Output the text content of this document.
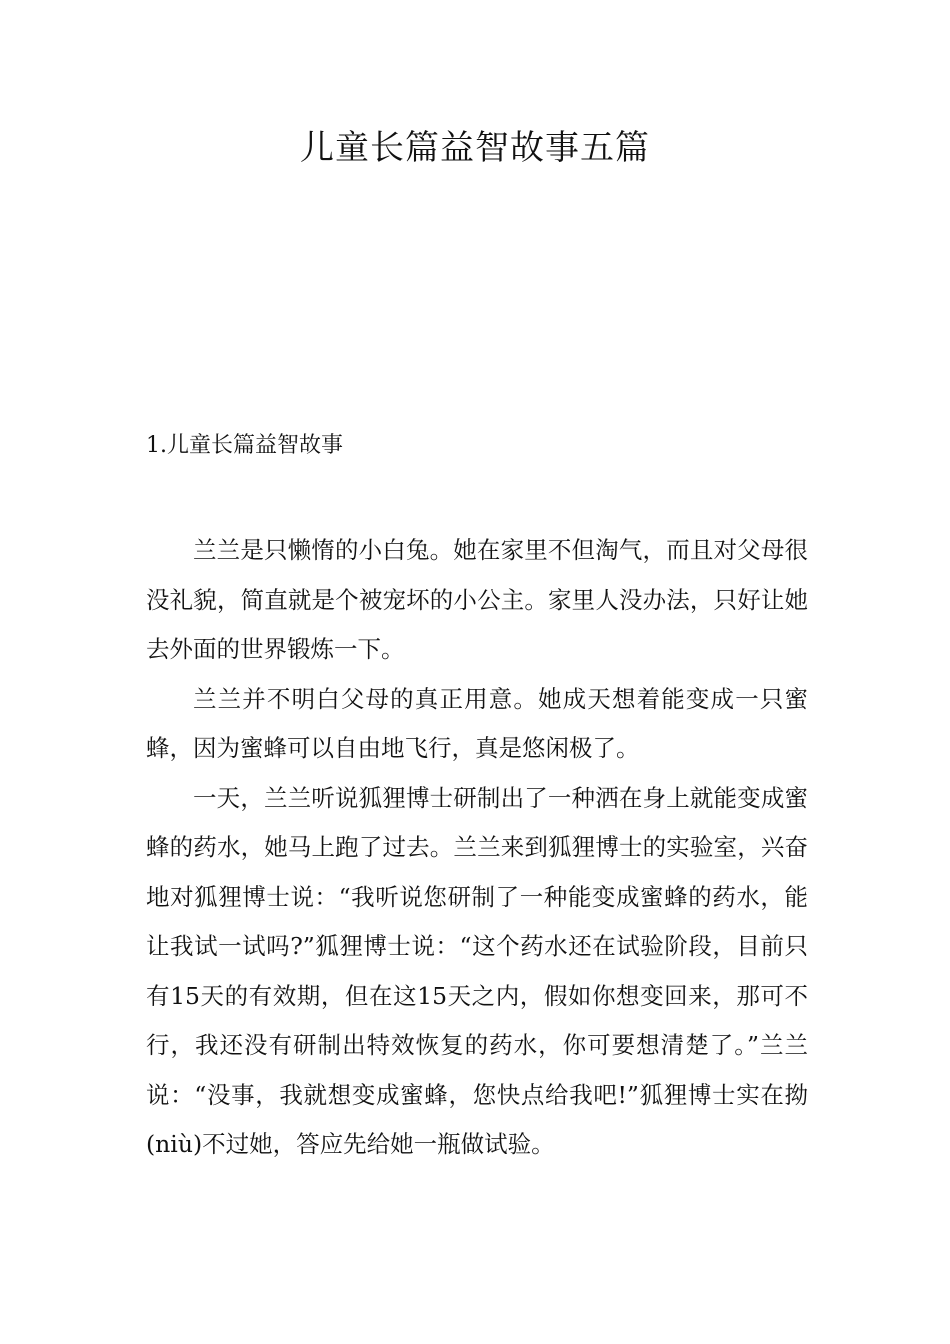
儿童长篇益智故事五篇
1.儿童长篇益智故事

兰兰是只懒惰的小白兔。她在家里不但淘气，而且对父母很没礼貌，简直就是个被宠坏的小公主。家里人没办法，只好让她去外面的世界锻炼一下。

兰兰并不明白父母的真正用意。她成天想着能变成一只蜜蜂，因为蜜蜂可以自由地飞行，真是悠闲极了。

一天，兰兰听说狐狸博士研制出了一种洒在身上就能变成蜜蜂的药水，她马上跑了过去。兰兰来到狐狸博士的实验室，兴奋地对狐狸博士说：“我听说您研制了一种能变成蜜蜂的药水，能让我试一试吗?”狐狸博士说：“这个药水还在试验阶段，目前只有15天的有效期，但在这15天之内，假如你想变回来，那可不行，我还没有研制出特效恢复的药水，你可要想清楚了。”兰兰说：“没事，我就想变成蜜蜂，您快点给我吧!”狐狸博士实在拗(niù)不过她，答应先给她一瓶做试验。
